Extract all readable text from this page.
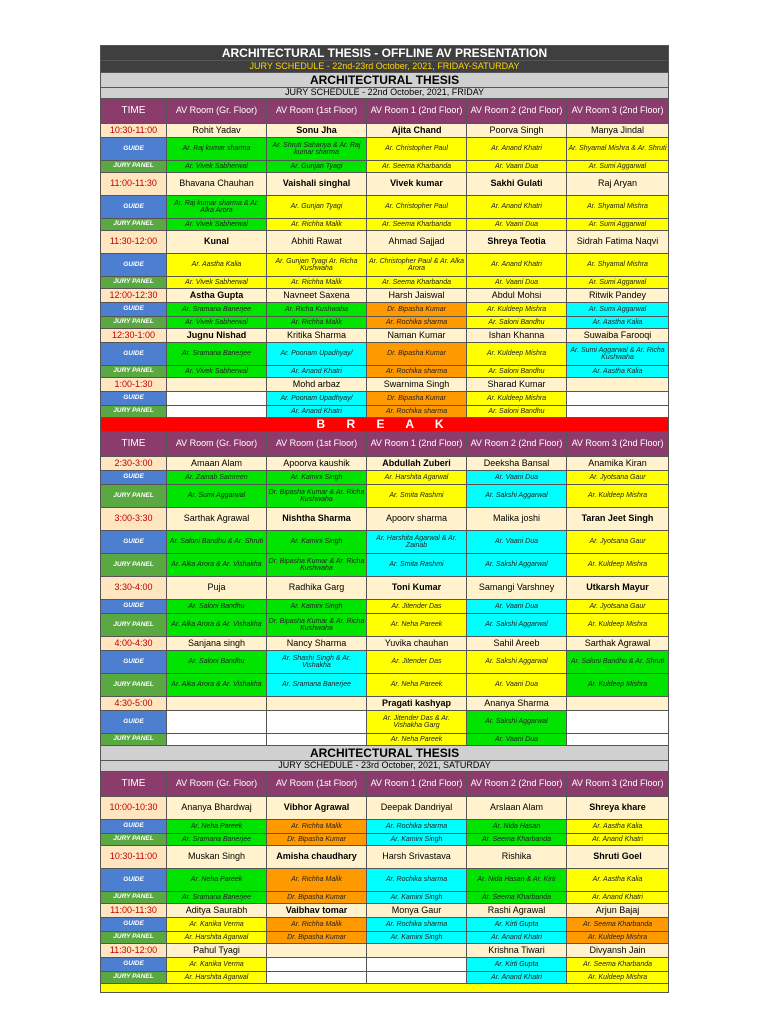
ARCHITECTURAL THESIS - OFFLINE AV PRESENTATION					
JURY SCHEDULE - 22nd-23rd October, 2021, FRIDAY-SATURDAY					
ARCHITECTURAL THESIS					
JURY SCHEDULE - 22nd October, 2021, FRIDAY					
TIME	AV Room (Gr. Floor)	AV Room (1st Floor)	AV Room 1 (2nd Floor)	AV Room 2 (2nd Floor)	AV Room 3 (2nd Floor)
10:30-11:00	Rohit Yadav	Sonu Jha	Ajita Chand	Poorva Singh	Manya Jindal
GUIDE	Ar. Raj kumar sharma	Ar. Shruti Sahariya & Ar. Raj kumar sharma	Ar. Christopher Paul	Ar. Anand Khatri	Ar. Shyamal Mishra & Ar. Shruti
JURY PANEL	Ar. Vivek Sabherwal	Ar. Gunjan Tyagi	Ar. Seema Kharbanda	Ar. Vaani Dua	Ar. Sumi Aggarwal
11:00-11:30	Bhavana Chauhan	Vaishali singhal	Vivek kumar	Sakhi Gulati	Raj Aryan
GUIDE	Ar. Raj kumar sharma & Ar. Alka Arora	Ar. Gunjan Tyagi	Ar. Christopher Paul	Ar. Anand Khatri	Ar. Shyamal Mishra
JURY PANEL	Ar. Vivek Sabherwal	Ar. Richha Malik	Ar. Seema Kharbanda	Ar. Vaani Dua	Ar. Sumi Aggarwal
11:30-12:00	Kunal	Abhiti Rawat	Ahmad Sajjad	Shreya Teotia	Sidrah Fatima Naqvi
GUIDE	Ar. Aastha Kalia	Ar. Gunjan Tyagi Ar. Richa Kushwaha	Ar. Christopher Paul & Ar. Alka Arora	Ar. Anand Khatri	Ar. Shyamal Mishra
JURY PANEL	Ar. Vivek Sabherwal	Ar. Richha Malik	Ar. Seema Kharbanda	Ar. Vaani Dua	Ar. Sumi Aggarwal
12:00-12:30	Astha Gupta	Navneet Saxena	Harsh Jaiswal	Abdul Mohsi	Ritwik Pandey
GUIDE	Ar. Sramana Banerjee	Ar. Richa Kushwaha	Dr. Bipasha Kumar	Ar. Kuldeep Mishra	Ar. Sumi Aggarwal
JURY PANEL	Ar. Vivek Sabherwal	Ar. Richha Malik	Ar. Rochika sharma	Ar. Saloni Bandhu	Ar. Aastha Kalia
12:30-1:00	Jugnu Nishad	Kritika Sharma	Naman Kumar	Ishan Khanna	Suwaiba Farooqi
GUIDE	Ar. Sramana Banerjee	Ar. Poonam Upadhyay/	Dr. Bipasha Kumar	Ar. Kuldeep Mishra	Ar. Sumi Aggarwal & Ar. Richa Kushwaha
JURY PANEL	Ar. Vivek Sabherwal	Ar. Anand Khatri	Ar. Rochika sharma	Ar. Saloni Bandhu	Ar. Aastha Kalia
1:00-1:30		Mohd arbaz	Swarnima Singh	Sharad Kumar	
GUIDE		Ar. Poonam Upadhyay/	Dr. Bipasha Kumar	Ar. Kuldeep Mishra	
JURY PANEL		Ar. Anand Khatri	Ar. Rochika sharma	Ar. Saloni Bandhu	
B R E A K					
TIME	AV Room (Gr. Floor)	AV Room (1st Floor)	AV Room 1 (2nd Floor)	AV Room 2 (2nd Floor)	AV Room 3 (2nd Floor)
2:30-3:00	Amaan Alam	Apoorva kaushik	Abdullah Zuberi	Deeksha Bansal	Anamika Kiran
GUIDE	Ar. Zainab Samreen	Ar. Kamini Singh	Ar. Harshita Agarwal	Ar. Vaani Dua	Ar. Jyotsana Gaur
JURY PANEL	Ar. Sumi Aggarwal	Dr. Bipasha Kumar & Ar. Richa Kushwaha	Ar. Smita Rashmi	Ar. Sakshi Aggarwal	Ar. Kuldeep Mishra
3:00-3:30	Sarthak Agrawal	Nishtha Sharma	Apoorv sharma	Malika joshi	Taran Jeet Singh
GUIDE	Ar. Saloni Bandhu & Ar. Shruti	Ar. Kamini Singh	Ar. Harshita Agarwal & Ar. Zainab	Ar. Vaani Dua	Ar. Jyotsana Gaur
JURY PANEL	Ar. Alka Arora & Ar. Vishakha	Dr. Bipasha Kumar & Ar. Richa Kushwaha	Ar. Smita Rashmi	Ar. Sakshi Aggarwal	Ar. Kuldeep Mishra
3:30-4:00	Puja	Radhika Garg	Toni Kumar	Samangi Varshney	Utkarsh Mayur
GUIDE	Ar. Saloni Bandhu	Ar. Kamini Singh	Ar. Jitender Das	Ar. Vaani Dua	Ar. Jyotsana Gaur
JURY PANEL	Ar. Alka Arora & Ar. Vishakha	Dr. Bipasha Kumar & Ar. Richa Kushwaha	Ar. Neha Pareek	Ar. Sakshi Aggarwal	Ar. Kuldeep Mishra
4:00-4:30	Sanjana singh	Nancy Sharma	Yuvika chauhan	Sahil Areeb	Sarthak Agrawal
GUIDE	Ar. Saloni Bandhu	Ar. Shashi Singh & Ar. Vishakha	Ar. Jitender Das	Ar. Sakshi Aggarwal	Ar. Saloni Bandhu & Ar. Shruti
JURY PANEL	Ar. Alka Arora & Ar. Vishakha	Ar. Sramana Banerjee	Ar. Neha Pareek	Ar. Vaani Dua	Ar. Kuldeep Mishra
4:30-5:00			Pragati kashyap	Ananya Sharma	
GUIDE			Ar. Jitender Das & Ar. Vishakha Garg	Ar. Sakshi Aggarwal	
JURY PANEL			Ar. Neha Pareek	Ar. Vaani Dua	
ARCHITECTURAL THESIS					
JURY SCHEDULE - 23rd October, 2021, SATURDAY					
TIME	AV Room (Gr. Floor)	AV Room (1st Floor)	AV Room 1 (2nd Floor)	AV Room 2 (2nd Floor)	AV Room 3 (2nd Floor)
10:00-10:30	Ananya Bhardwaj	Vibhor Agrawal	Deepak Dandriyal	Arslaan Alam	Shreya khare
GUIDE	Ar. Neha Pareek	Ar. Richha Malik	Ar. Rochika sharma	Ar. Nida Hasan	Ar. Aastha Kalia
JURY PANEL	Ar. Sramana Banerjee	Dr. Bipasha Kumar	Ar. Kamini Singh	Ar. Seema Kharbanda	Ar. Anand Khatri
10:30-11:00	Muskan Singh	Amisha chaudhary	Harsh Srivastava	Rishika	Shruti Goel
GUIDE	Ar. Neha Pareek	Ar. Richha Malik	Ar. Rochika sharma	Ar. Nida Hasan & Ar. Kirti	Ar. Aastha Kalia
JURY PANEL	Ar. Sramana Banerjee	Dr. Bipasha Kumar	Ar. Kamini Singh	Ar. Seema Kharbanda	Ar. Anand Khatri
11:00-11:30	Aditya Saurabh	Vaibhav tomar	Monya Gaur	Rashi Agrawal	Arjun Bajaj
GUIDE	Ar. Kanika Verma	Ar. Richha Malik	Ar. Rochika sharma	Ar. Kirti Gupta	Ar. Seema Kharbanda
JURY PANEL	Ar. Harshita Agarwal	Dr. Bipasha Kumar	Ar. Kamini Singh	Ar. Anand Khatri	Ar. Kuldeep Mishra
11:30-12:00	Pahul Tyagi			Krishna Tiwari	Divyansh Jain
GUIDE	Ar. Kanika Verma			Ar. Kirti Gupta	Ar. Seema Kharbanda
JURY PANEL	Ar. Harshita Agarwal			Ar. Anand Khatri	Ar. Kuldeep Mishra
